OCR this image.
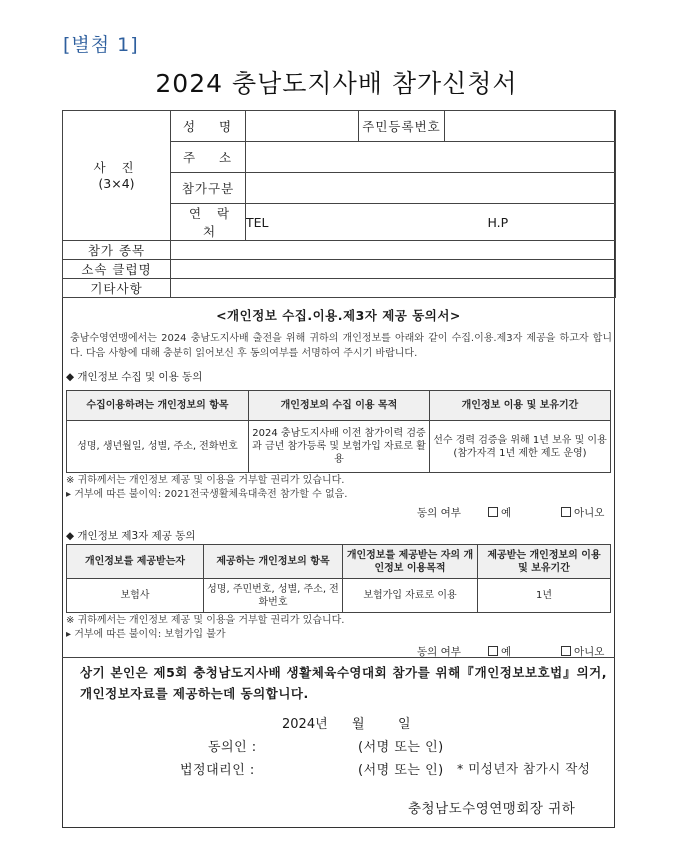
[별첨 1]
2024 충남도지사배 참가신청서
사 진
(3×4)	성 명		주민등록번호	
	주 소			
	참가구분			
	연 락 처	TEL H.P		
참가 종목				
소속 클럽명				
기타사항				
<개인정보 수집.이용.제3자 제공 동의서>
충남수영연맹에서는 2024 충남도지사배 출전을 위해 귀하의 개인정보를 아래와 같이 수집.이용.제3자 제공을 하고자 합니다. 다음 사항에 대해 충분히 읽어보신 후 동의여부를 서명하여 주시기 바랍니다.
◆ 개인정보 수집 및 이용 동의
수집이용하려는 개인정보의 항목	개인정보의 수집 이용 목적	개인정보 이용 및 보유기간
성명, 생년월일, 성별, 주소, 전화번호	2024 충남도지사배 이전 참가이력 검증과 금년 참가등록 및 보험가입 자료로 활용	선수 경력 검증을 위해 1년 보유 및 이용 (참가자격 1년 제한 제도 운영)
※ 귀하께서는 개인정보 제공 및 이용을 거부할 권리가 있습니다.
▸ 거부에 따른 불이익: 2021전국생활체육대축전 참가할 수 없음.
동의 여부	예	아니오
◆ 개인정보 제3자 제공 동의
개인정보를 제공받는자	제공하는 개인정보의 항목	개인정보를 제공받는 자의 개인정보 이용목적	제공받는 개인정보의 이용 및 보유기간
보험사	성명, 주민번호, 성별, 주소, 전화번호	보험가입 자료로 이용	1년
※ 귀하께서는 개인정보 제공 및 이용을 거부할 권리가 있습니다.
▸ 거부에 따른 불이익: 보험가입 불가
동의 여부	예	아니오
상기 본인은 제5회 충청남도지사배 생활체육수영대회 참가를 위해『개인정보보호법』의거, 개인정보자료를 제공하는데 동의합니다.
2024년 월	일
동의인 :	(서명 또는 인)
법정대리인 :	(서명 또는 인) * 미성년자 참가시 작성
충청남도수영연맹회장 귀하
